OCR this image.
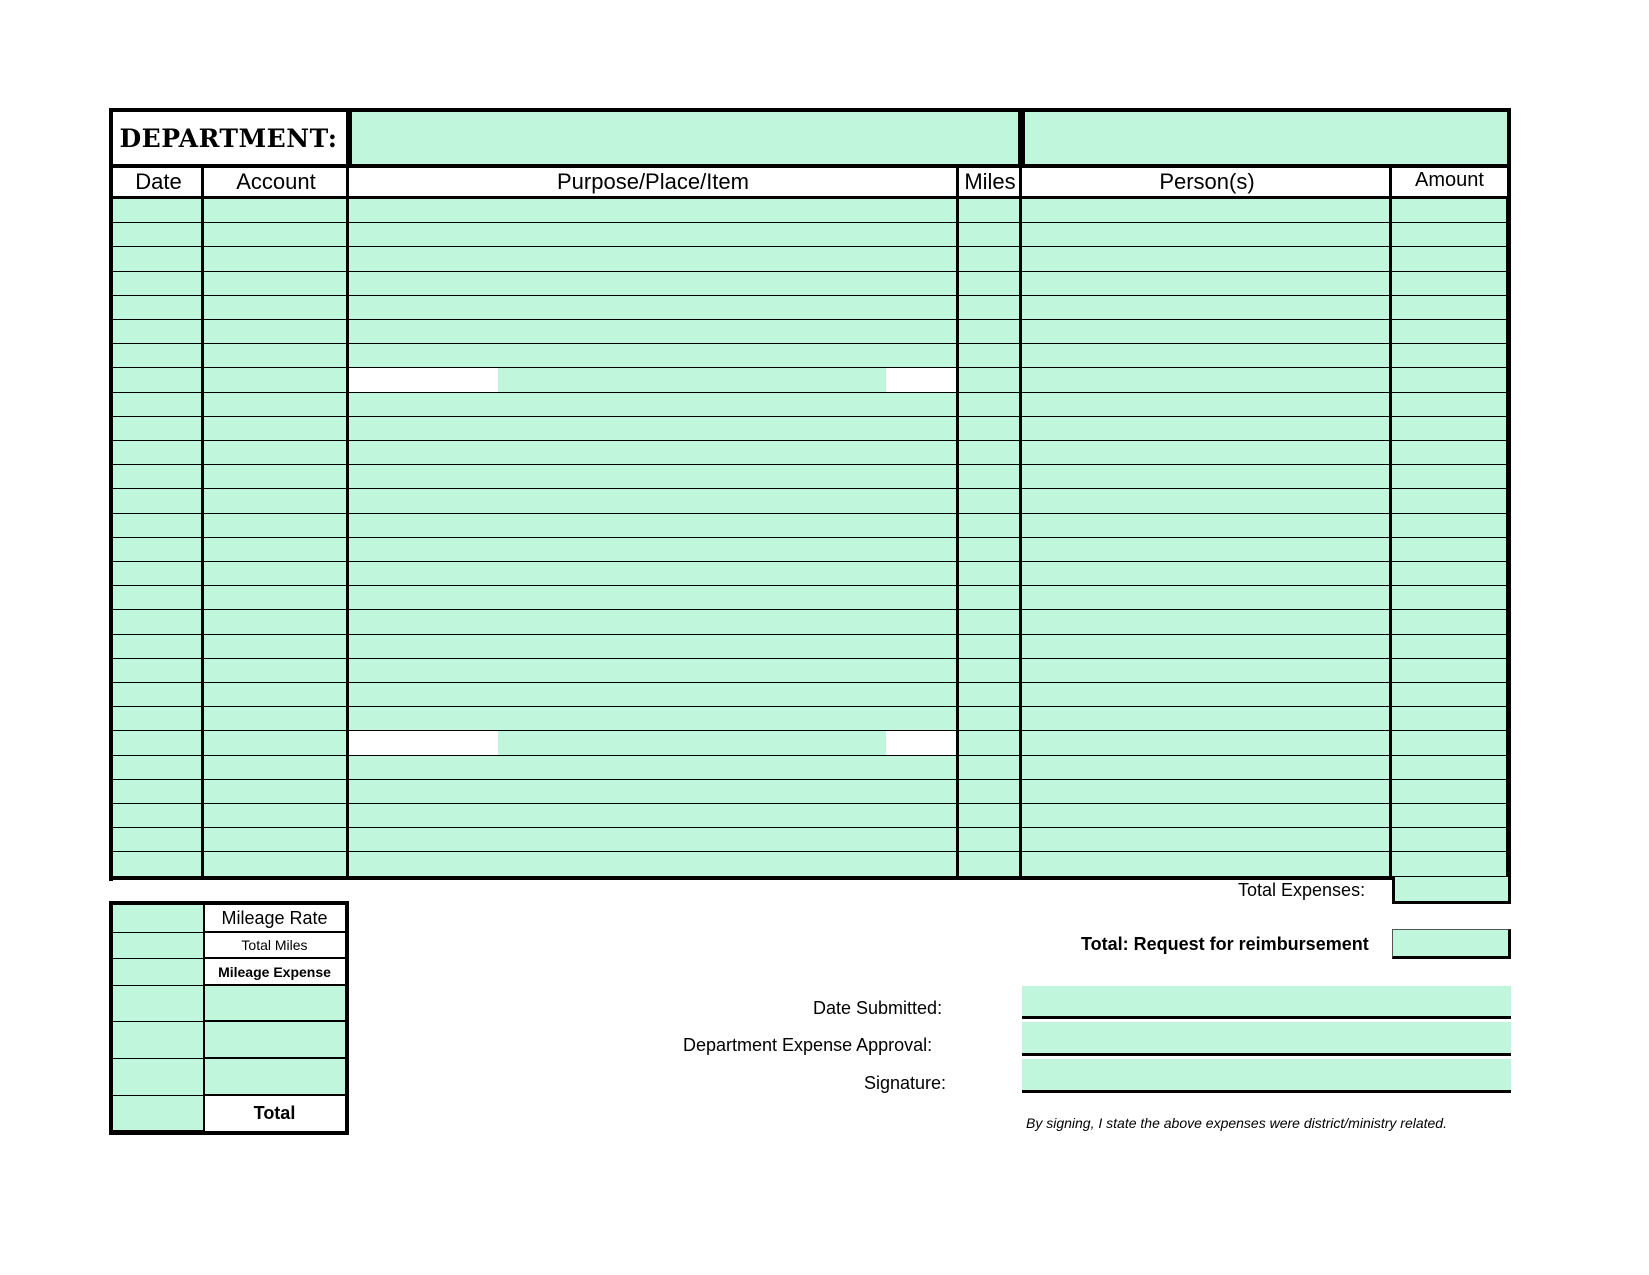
DEPARTMENT:
Date	Account	Purpose/Place/Item	Miles	Person(s)	Amount
Total Expenses:
Total: Request for reimbursement
Mileage Rate
Total Miles
Mileage Expense
Total
Date Submitted:
Department Expense Approval:
Signature:
By signing, I state the above expenses were district/ministry related.
